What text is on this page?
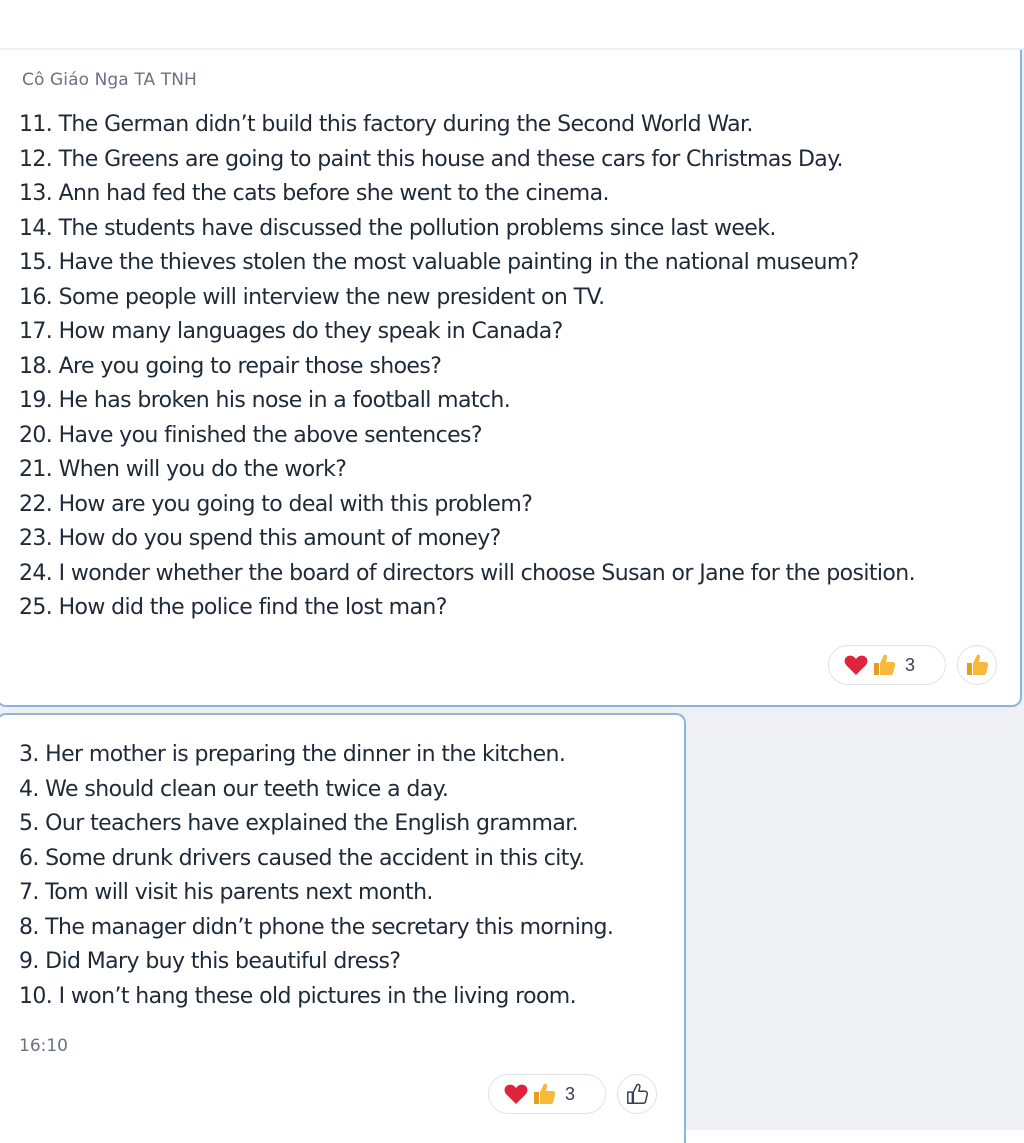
Cô Giáo Nga TA TNH
11. The German didn’t build this factory during the Second World War.
12. The Greens are going to paint this house and these cars for Christmas Day.
13. Ann had fed the cats before she went to the cinema.
14. The students have discussed the pollution problems since last week.
15. Have the thieves stolen the most valuable painting in the national museum?
16. Some people will interview the new president on TV.
17. How many languages do they speak in Canada?
18. Are you going to repair those shoes?
19. He has broken his nose in a football match.
20. Have you finished the above sentences?
21. When will you do the work?
22. How are you going to deal with this problem?
23. How do you spend this amount of money?
24. I wonder whether the board of directors will choose Susan or Jane for the position.
25. How did the police find the lost man?
3
3. Her mother is preparing the dinner in the kitchen.
4. We should clean our teeth twice a day.
5. Our teachers have explained the English grammar.
6. Some drunk drivers caused the accident in this city.
7. Tom will visit his parents next month.
8. The manager didn’t phone the secretary this morning.
9. Did Mary buy this beautiful dress?
10. I won’t hang these old pictures in the living room.
16:10
3
